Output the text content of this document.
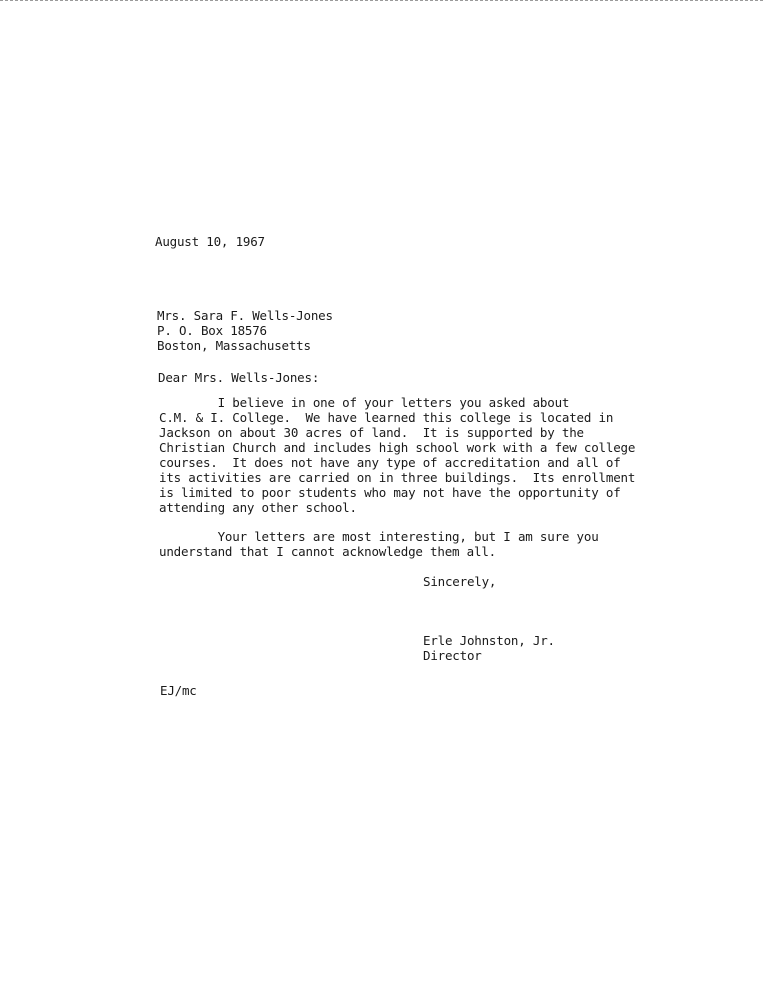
August 10, 1967
Mrs. Sara F. Wells-Jones
P. O. Box 18576
Boston, Massachusetts
Dear Mrs. Wells-Jones:
I believe in one of your letters you asked about
C.M. & I. College.  We have learned this college is located in
Jackson on about 30 acres of land.  It is supported by the
Christian Church and includes high school work with a few college
courses.  It does not have any type of accreditation and all of
its activities are carried on in three buildings.  Its enrollment
is limited to poor students who may not have the opportunity of
attending any other school.
Your letters are most interesting, but I am sure you
understand that I cannot acknowledge them all.
Sincerely,
Erle Johnston, Jr.
Director
EJ/mc
